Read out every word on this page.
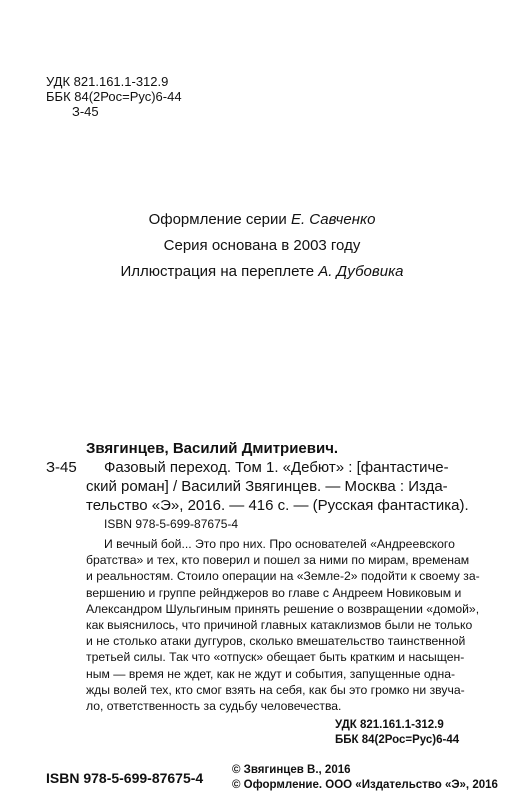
УДК 821.161.1-312.9
ББК 84(2Рос=Рус)6-44
З-45
Оформление серии Е. Савченко
Серия основана в 2003 году
Иллюстрация на переплете А. Дубовика
Звягинцев, Василий Дмитриевич.
З-45 Фазовый переход. Том 1. «Дебют» : [фантастиче-
ский роман] / Василий Звягинцев. — Москва : Изда-
тельство «Э», 2016. — 416 с. — (Русская фантастика).
ISBN 978-5-699-87675-4
И вечный бой... Это про них. Про основателей «Андреевского
братства» и тех, кто поверил и пошел за ними по мирам, временам
и реальностям. Стоило операции на «Земле-2» подойти к своему за-
вершению и группе рейнджеров во главе с Андреем Новиковым и
Александром Шульгиным принять решение о возвращении «домой»,
как выяснилось, что причиной главных катаклизмов были не только
и не столько атаки дуггуров, сколько вмешательство таинственной
третьей силы. Так что «отпуск» обещает быть кратким и насыщен-
ным — время не ждет, как не ждут и события, запущенные одна-
жды волей тех, кто смог взять на себя, как бы это громко ни звуча-
ло, ответственность за судьбу человечества.
УДК 821.161.1-312.9
ББК 84(2Рос=Рус)6-44
ISBN 978-5-699-87675-4	© Звягинцев В., 2016
© Оформление. ООО «Издательство «Э», 2016
